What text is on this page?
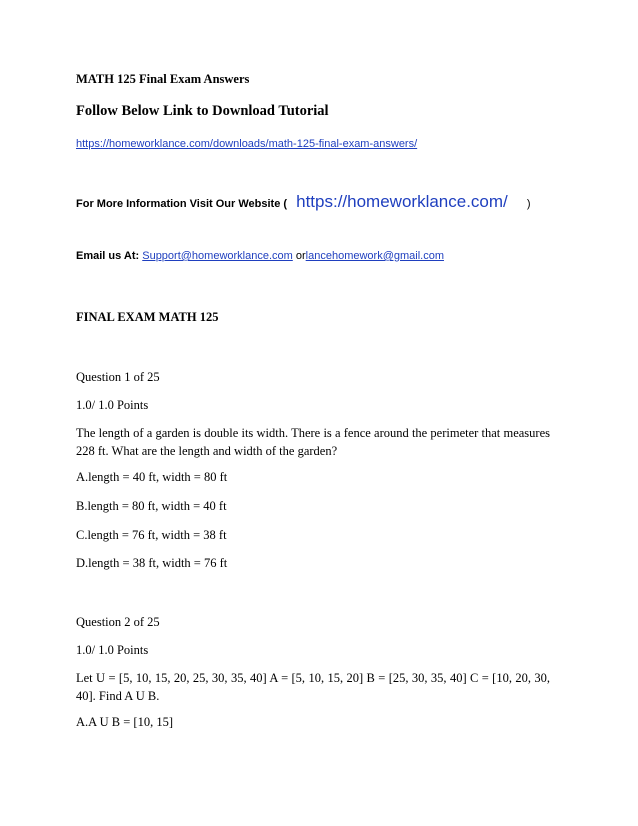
MATH 125 Final Exam Answers
Follow Below Link to Download Tutorial
https://homeworklance.com/downloads/math-125-final-exam-answers/
For More Information Visit Our Website ( https://homeworklance.com/ )
Email us At: Support@homeworklance.com orlancehomework@gmail.com
FINAL EXAM MATH 125
Question 1 of 25
1.0/ 1.0 Points
The length of a garden is double its width. There is a fence around the perimeter that measures 228 ft. What are the length and width of the garden?
A.length = 40 ft, width = 80 ft
B.length = 80 ft, width = 40 ft
C.length = 76 ft, width = 38 ft
D.length = 38 ft, width = 76 ft
Question 2 of 25
1.0/ 1.0 Points
Let U = [5, 10, 15, 20, 25, 30, 35, 40] A = [5, 10, 15, 20] B = [25, 30, 35, 40] C = [10, 20, 30, 40]. Find A U B.
A.A U B = [10, 15]
